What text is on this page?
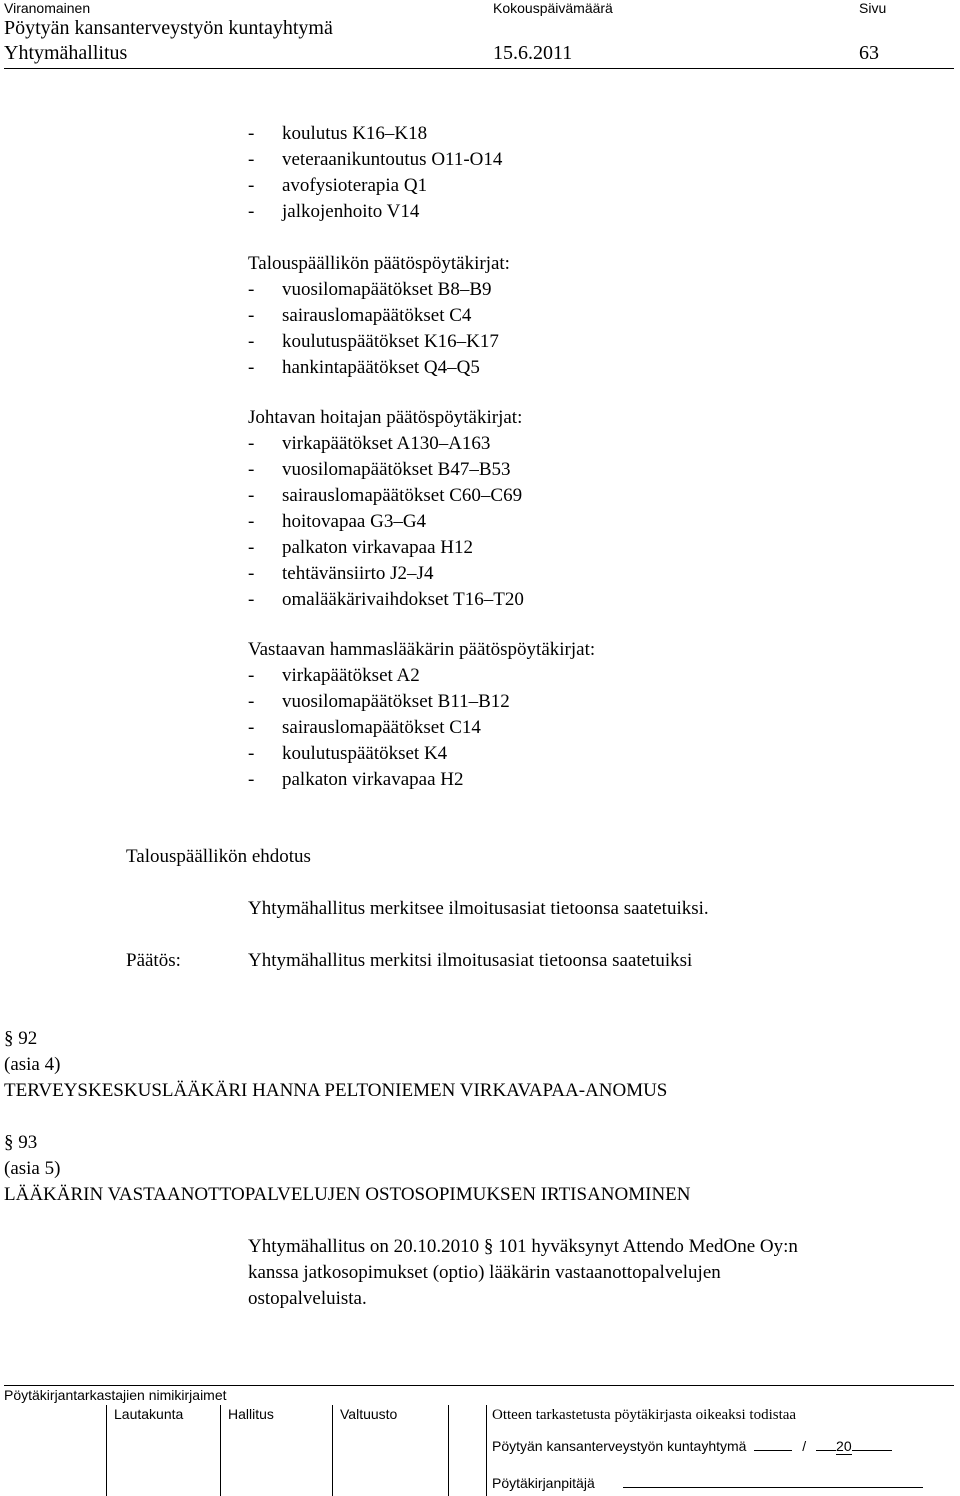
Viranomainen	Kokouspäivämäärä	Sivu
Pöytyän kansanterveystyön kuntayhtymä
Yhtymähallitus	15.6.2011	63
- koulutus K16–K18
- veteraanikuntoutus O11-O14
- avofysioterapia Q1
- jalkojenhoito V14
Talouspäällikön päätöspöytäkirjat:
- vuosilomapäätökset B8–B9
- sairauslomapäätökset C4
- koulutuspäätökset K16–K17
- hankintapäätökset Q4–Q5
Johtavan hoitajan päätöspöytäkirjat:
- virkapäätökset A130–A163
- vuosilomapäätökset B47–B53
- sairauslomapäätökset C60–C69
- hoitovapaa G3–G4
- palkaton virkavapaa H12
- tehtävänsiirto J2–J4
- omalääkärivaihdokset T16–T20
Vastaavan hammaslääkärin päätöspöytäkirjat:
- virkapäätökset A2
- vuosilomapäätökset B11–B12
- sairauslomapäätökset C14
- koulutuspäätökset K4
- palkaton virkavapaa H2
Talouspäällikön ehdotus
Yhtymähallitus merkitsee ilmoitusasiat tietoonsa saatetuiksi.
Päätös:	Yhtymähallitus merkitsi ilmoitusasiat tietoonsa saatetuiksi
§ 92
(asia 4)
TERVEYSKESKUSLÄÄKÄRI HANNA PELTONIEMEN VIRKAVAPAA-ANOMUS
§ 93
(asia 5)
LÄÄKÄRIN VASTAANOTTOPALVELUJEN OSTOSOPIMUKSEN IRTISANOMINEN
Yhtymähallitus on 20.10.2010 § 101 hyväksynyt Attendo MedOne Oy:n
kanssa jatkosopimukset (optio) lääkärin vastaanottopalvelujen
ostopalveluista.
Pöytäkirjantarkastajien nimikirjaimet
Lautakunta	Hallitus	Valtuusto	Otteen tarkastetusta pöytäkirjasta oikeaksi todistaa
Pöytyän kansanterveystyön kuntayhtymä	/ 20
Pöytäkirjanpitäjä
